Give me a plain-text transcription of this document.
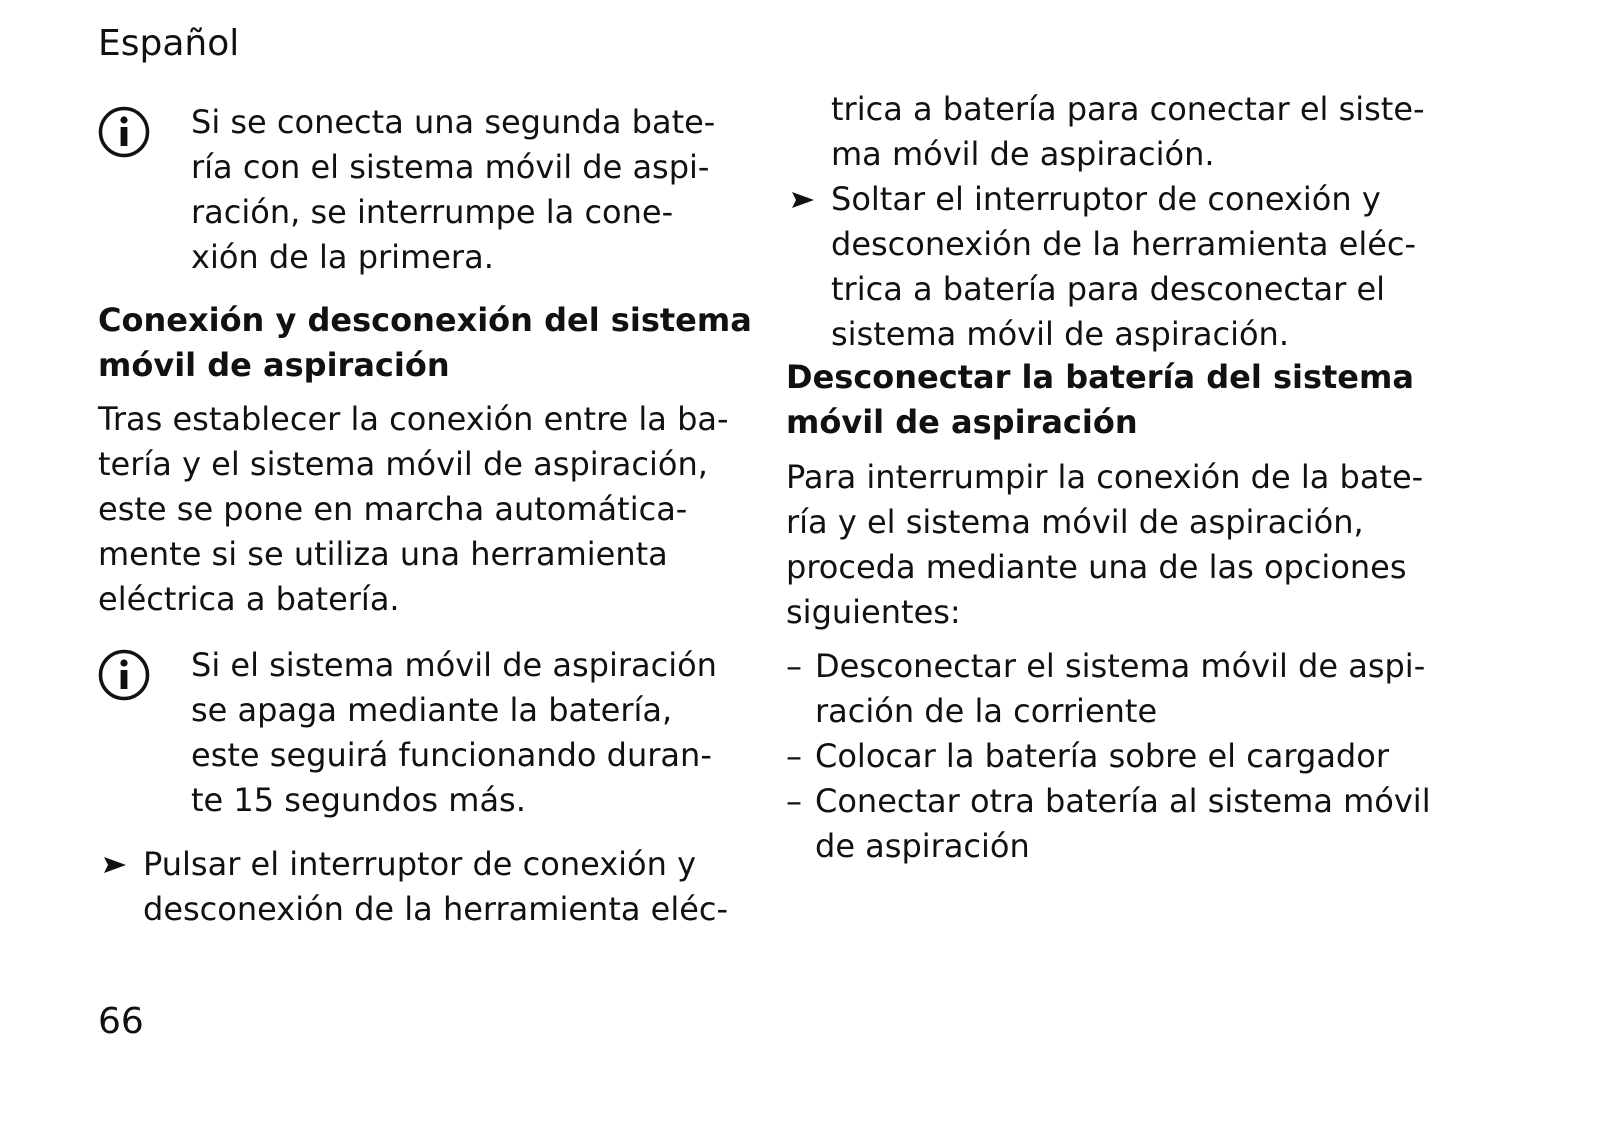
Español
Si se conecta una segunda bate-
ría con el sistema móvil de aspi-
ración, se interrumpe la cone-
xión de la primera.
Conexión y desconexión del sistema
móvil de aspiración
Tras establecer la conexión entre la ba-
tería y el sistema móvil de aspiración,
este se pone en marcha automática-
mente si se utiliza una herramienta
eléctrica a batería.
Si el sistema móvil de aspiración
se apaga mediante la batería,
este seguirá funcionando duran-
te 15 segundos más.
Pulsar el interruptor de conexión y
desconexión de la herramienta eléc-
trica a batería para conectar el siste-
ma móvil de aspiración.
Soltar el interruptor de conexión y
desconexión de la herramienta eléc-
trica a batería para desconectar el
sistema móvil de aspiración.
Desconectar la batería del sistema
móvil de aspiración
Para interrumpir la conexión de la bate-
ría y el sistema móvil de aspiración,
proceda mediante una de las opciones
siguientes:
– Desconectar el sistema móvil de aspi-
ración de la corriente
– Colocar la batería sobre el cargador
– Conectar otra batería al sistema móvil
de aspiración
66
